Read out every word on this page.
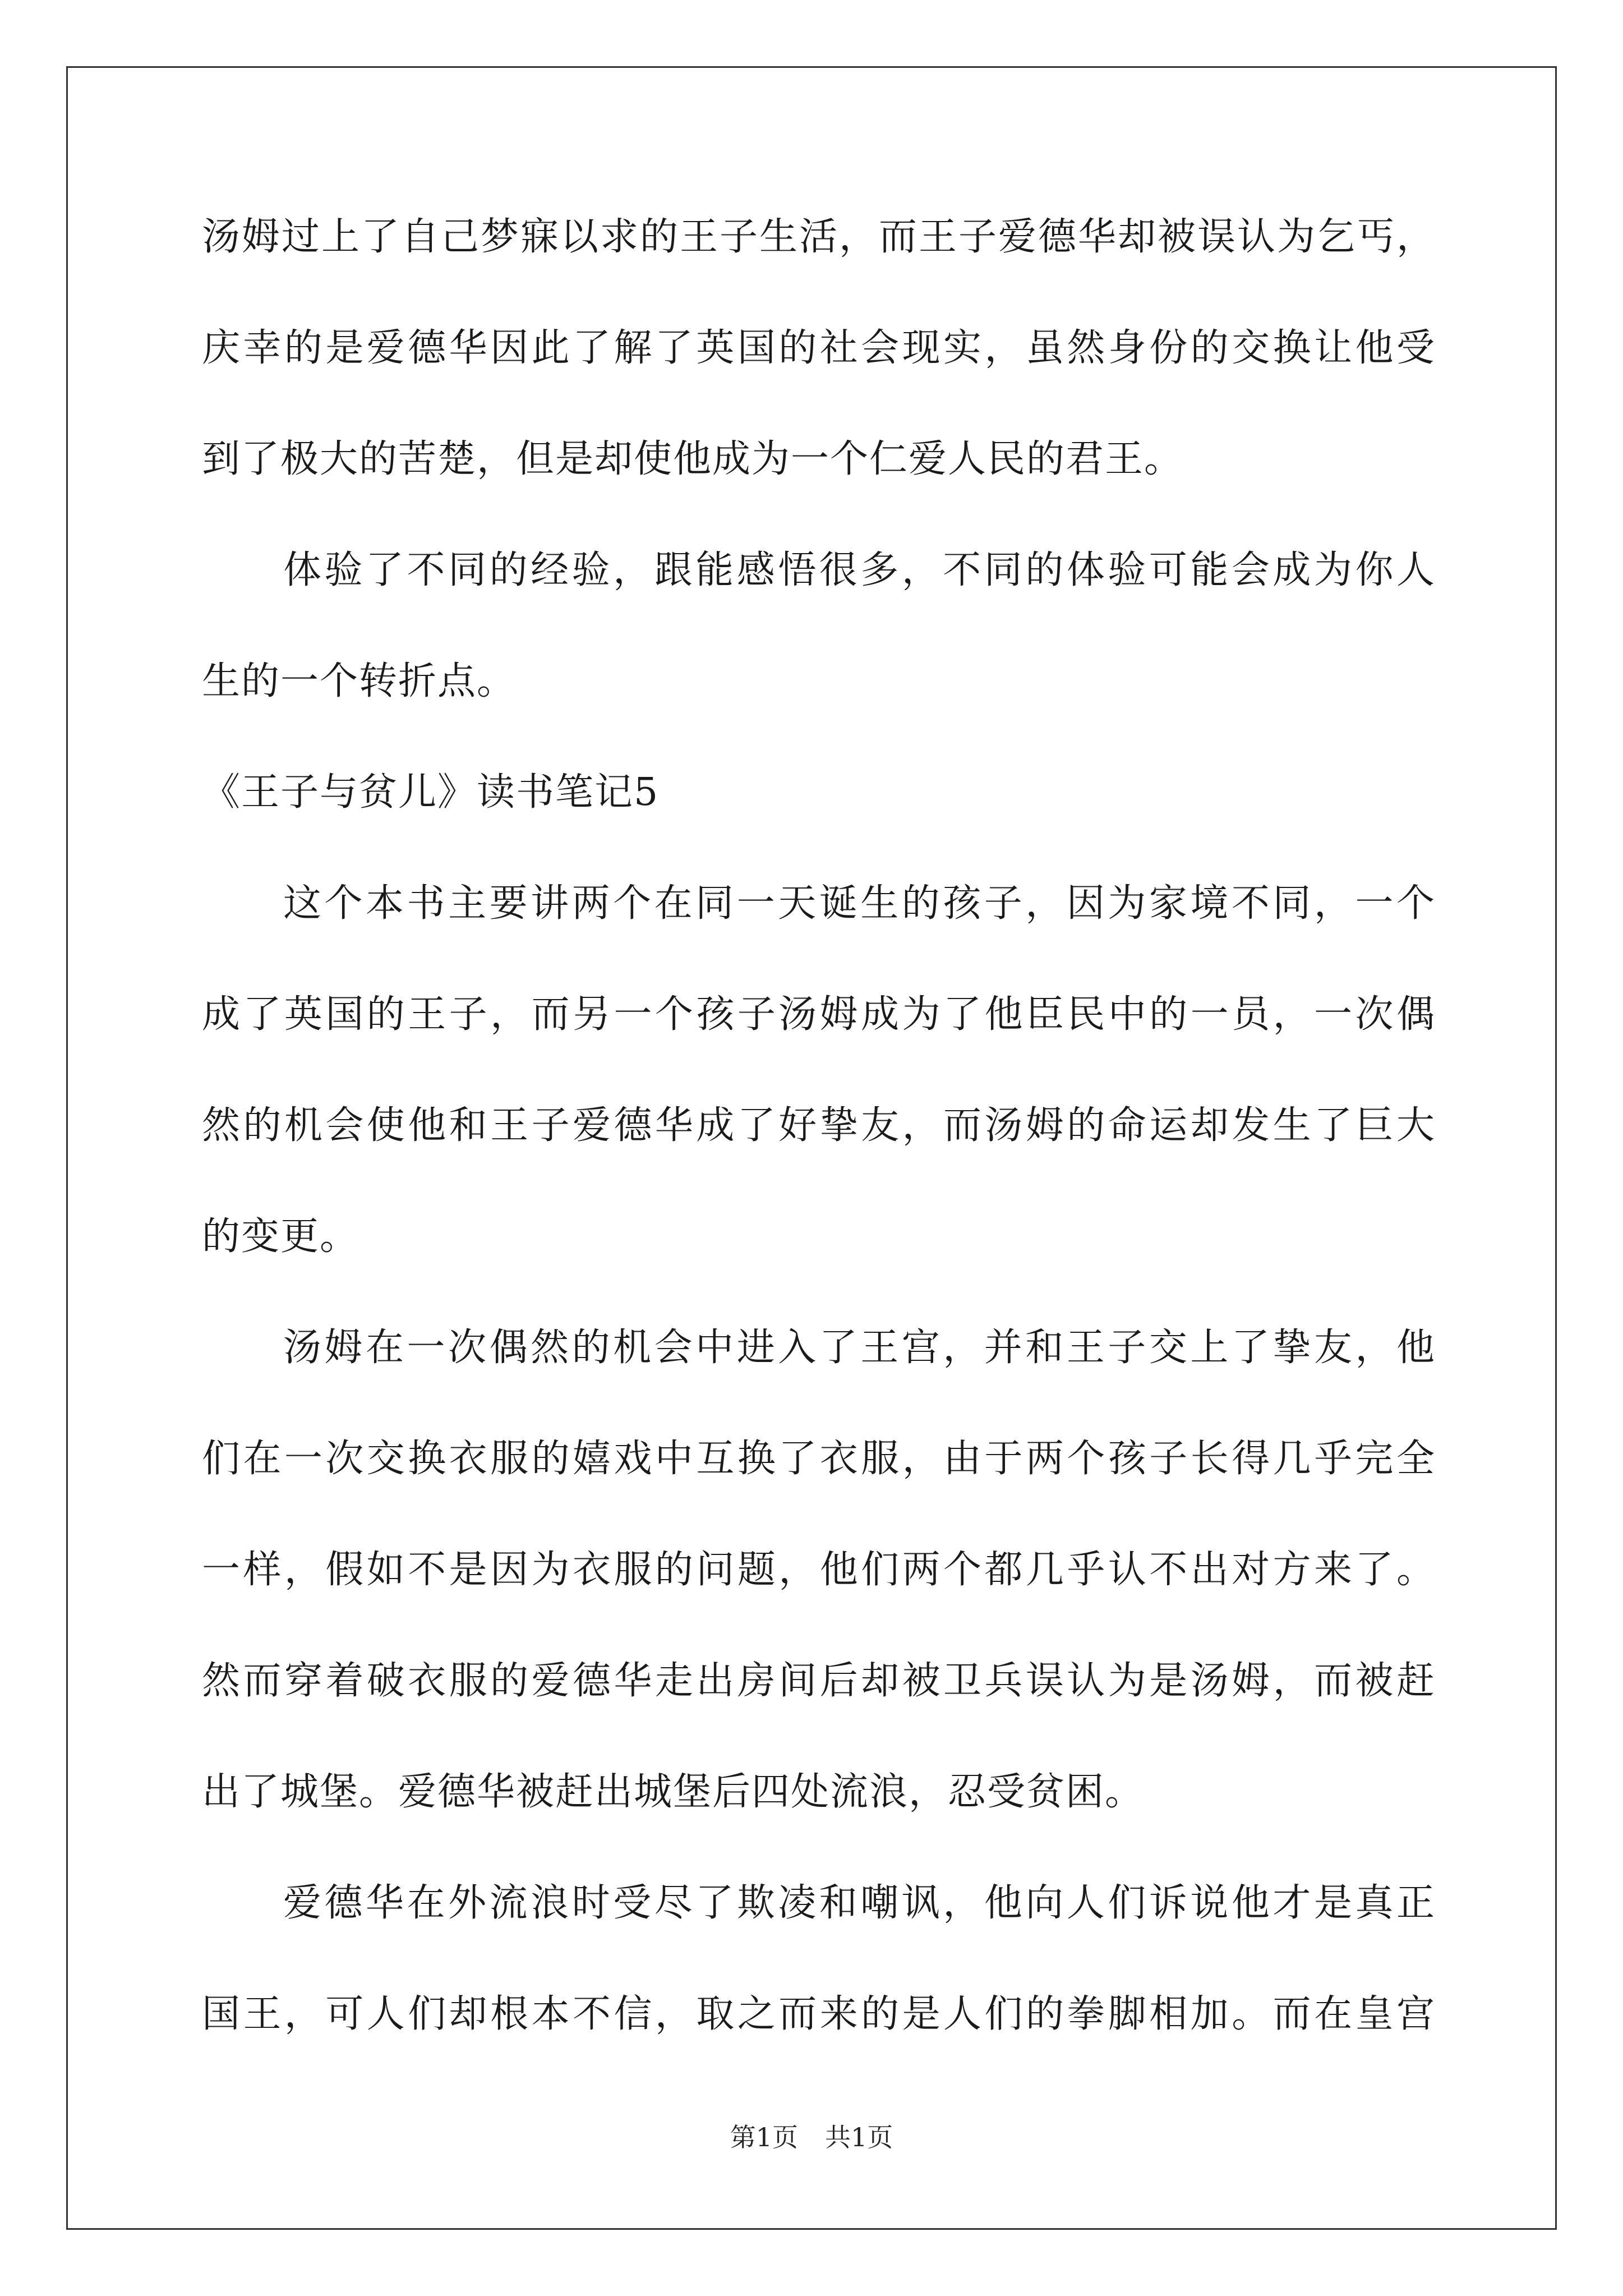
汤姆过上了自己梦寐以求的王子生活，而王子爱德华却被误认为乞丐，
庆幸的是爱德华因此了解了英国的社会现实，虽然身份的交换让他受
到了极大的苦楚，但是却使他成为一个仁爱人民的君王。
体验了不同的经验，跟能感悟很多，不同的体验可能会成为你人
生的一个转折点。
《王子与贫儿》读书笔记5
这个本书主要讲两个在同一天诞生的孩子，因为家境不同，一个
成了英国的王子，而另一个孩子汤姆成为了他臣民中的一员，一次偶
然的机会使他和王子爱德华成了好挚友，而汤姆的命运却发生了巨大
的变更。
汤姆在一次偶然的机会中进入了王宫，并和王子交上了挚友，他
们在一次交换衣服的嬉戏中互换了衣服，由于两个孩子长得几乎完全
一样，假如不是因为衣服的问题，他们两个都几乎认不出对方来了。
然而穿着破衣服的爱德华走出房间后却被卫兵误认为是汤姆，而被赶
出了城堡。爱德华被赶出城堡后四处流浪，忍受贫困。
爱德华在外流浪时受尽了欺凌和嘲讽，他向人们诉说他才是真正
国王，可人们却根本不信，取之而来的是人们的拳脚相加。而在皇宫
第1页 共1页
